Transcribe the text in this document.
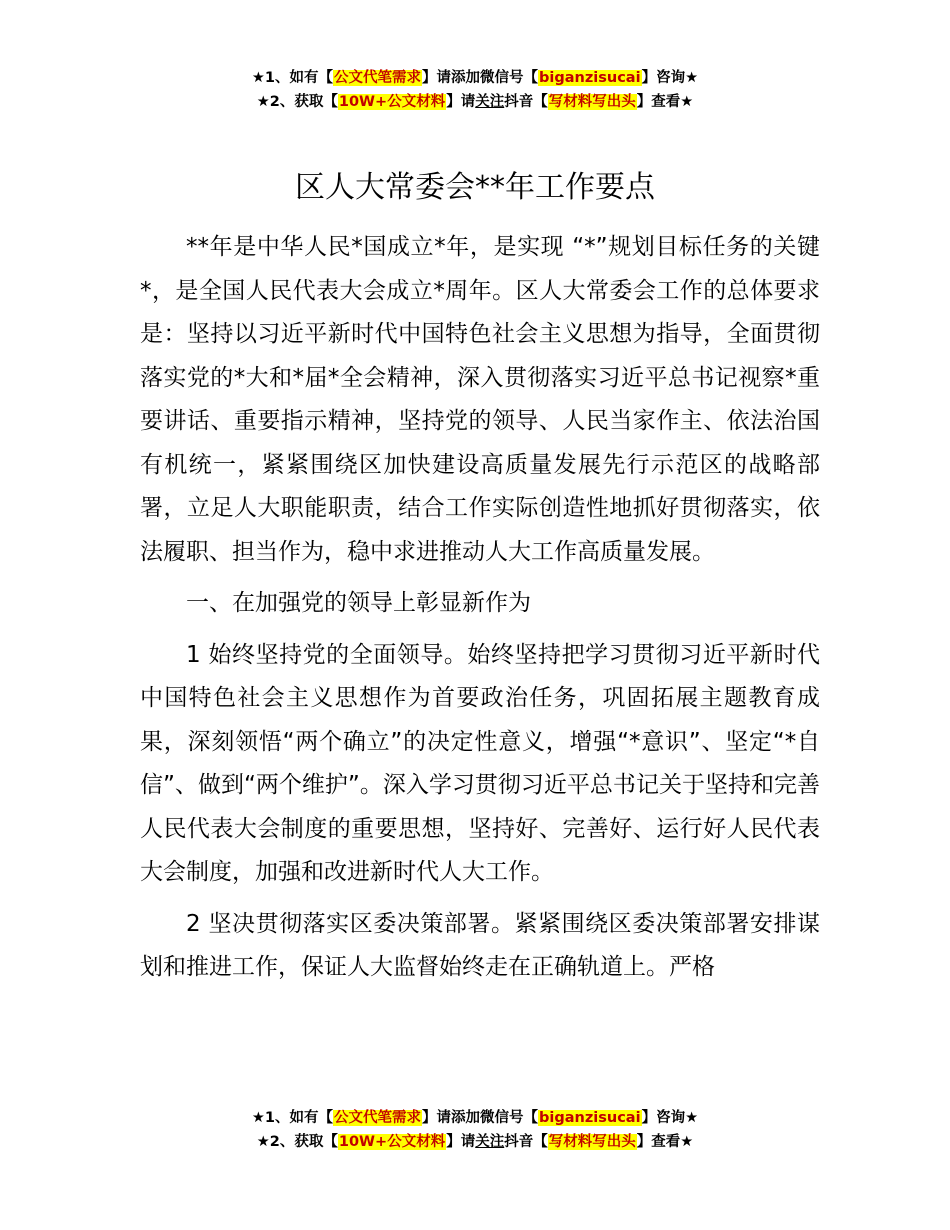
★1、如有【公文代笔需求】请添加微信号【biganzisucai】咨询★
★2、获取【10W+公文材料】请关注抖音【写材料写出头】查看★
区人大常委会**年工作要点

**年是中华人民*国成立*年，是实现 “*”规划目标任务的关键*，是全国人民代表大会成立*周年。区人大常委会工作的总体要求是：坚持以习近平新时代中国特色社会主义思想为指导，全面贯彻落实党的*大和*届*全会精神，深入贯彻落实习近平总书记视察*重要讲话、重要指示精神，坚持党的领导、人民当家作主、依法治国有机统一，紧紧围绕区加快建设高质量发展先行示范区的战略部署，立足人大职能职责，结合工作实际创造性地抓好贯彻落实，依法履职、担当作为，稳中求进推动人大工作高质量发展。

一、在加强党的领导上彰显新作为

1 始终坚持党的全面领导。始终坚持把学习贯彻习近平新时代中国特色社会主义思想作为首要政治任务，巩固拓展主题教育成果，深刻领悟“两个确立”的决定性意义，增强“*意识”、坚定“*自信”、做到“两个维护”。深入学习贯彻习近平总书记关于坚持和完善人民代表大会制度的重要思想，坚持好、完善好、运行好人民代表大会制度，加强和改进新时代人大工作。

2 坚决贯彻落实区委决策部署。紧紧围绕区委决策部署安排谋划和推进工作，保证人大监督始终走在正确轨道上。严格

★1、如有【公文代笔需求】请添加微信号【biganzisucai】咨询★
★2、获取【10W+公文材料】请关注抖音【写材料写出头】查看★
